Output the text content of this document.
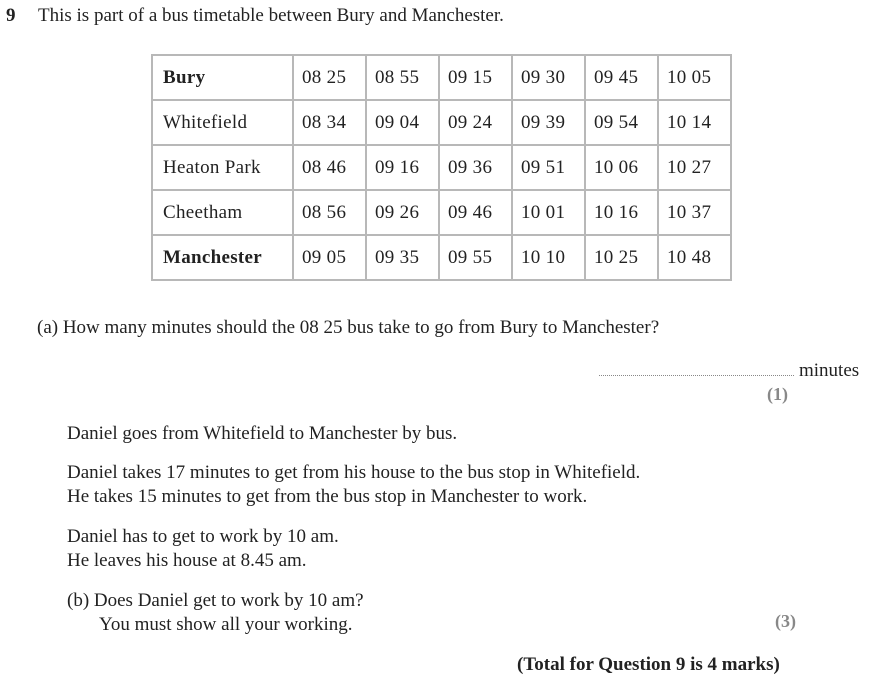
9 This is part of a bus timetable between Bury and Manchester.
Bury	08 25	08 55	09 15	09 30	09 45	10 05
Whitefield	08 34	09 04	09 24	09 39	09 54	10 14
Heaton Park	08 46	09 16	09 36	09 51	10 06	10 27
Cheetham	08 56	09 26	09 46	10 01	10 16	10 37
Manchester	09 05	09 35	09 55	10 10	10 25	10 48
(a) How many minutes should the 08 25 bus take to go from Bury to Manchester?
minutes
(1)
Daniel goes from Whitefield to Manchester by bus.
Daniel takes 17 minutes to get from his house to the bus stop in Whitefield.
He takes 15 minutes to get from the bus stop in Manchester to work.
Daniel has to get to work by 10 am.
He leaves his house at 8.45 am.
(b) Does Daniel get to work by 10 am?
You must show all your working.	(3)
(Total for Question 9 is 4 marks)
